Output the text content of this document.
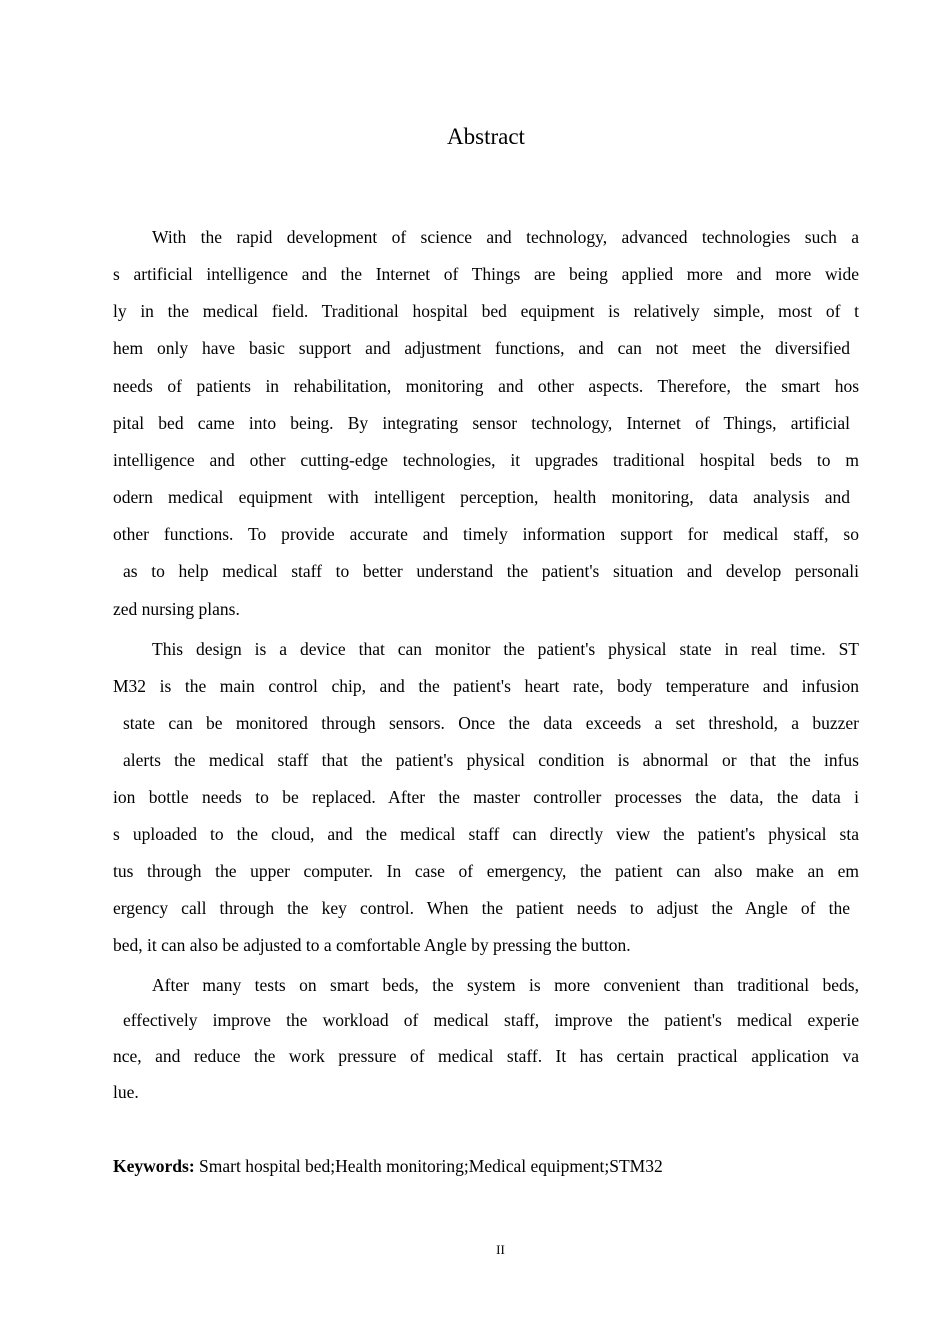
Abstract
With the rapid development of science and technology, advanced technologies such a
s artificial intelligence and the Internet of Things are being applied more and more wide
ly in the medical field. Traditional hospital bed equipment is relatively simple, most of t
hem only have basic support and adjustment functions, and can not meet the diversified
needs of patients in rehabilitation, monitoring and other aspects. Therefore, the smart hos
pital bed came into being. By integrating sensor technology, Internet of Things, artificial
intelligence and other cutting-edge technologies, it upgrades traditional hospital beds to m
odern medical equipment with intelligent perception, health monitoring, data analysis and
other functions. To provide accurate and timely information support for medical staff, so
as to help medical staff to better understand the patient's situation and develop personali
zed nursing plans.
This design is a device that can monitor the patient's physical state in real time. ST
M32 is the main control chip, and the patient's heart rate, body temperature and infusion
state can be monitored through sensors. Once the data exceeds a set threshold, a buzzer
alerts the medical staff that the patient's physical condition is abnormal or that the infus
ion bottle needs to be replaced. After the master controller processes the data, the data i
s uploaded to the cloud, and the medical staff can directly view the patient's physical sta
tus through the upper computer. In case of emergency, the patient can also make an em
ergency call through the key control. When the patient needs to adjust the Angle of the
bed, it can also be adjusted to a comfortable Angle by pressing the button.
After many tests on smart beds, the system is more convenient than traditional beds,
effectively improve the workload of medical staff, improve the patient's medical experie
nce, and reduce the work pressure of medical staff. It has certain practical application va
lue.
Keywords: Smart hospital bed;Health monitoring;Medical equipment;STM32
II
